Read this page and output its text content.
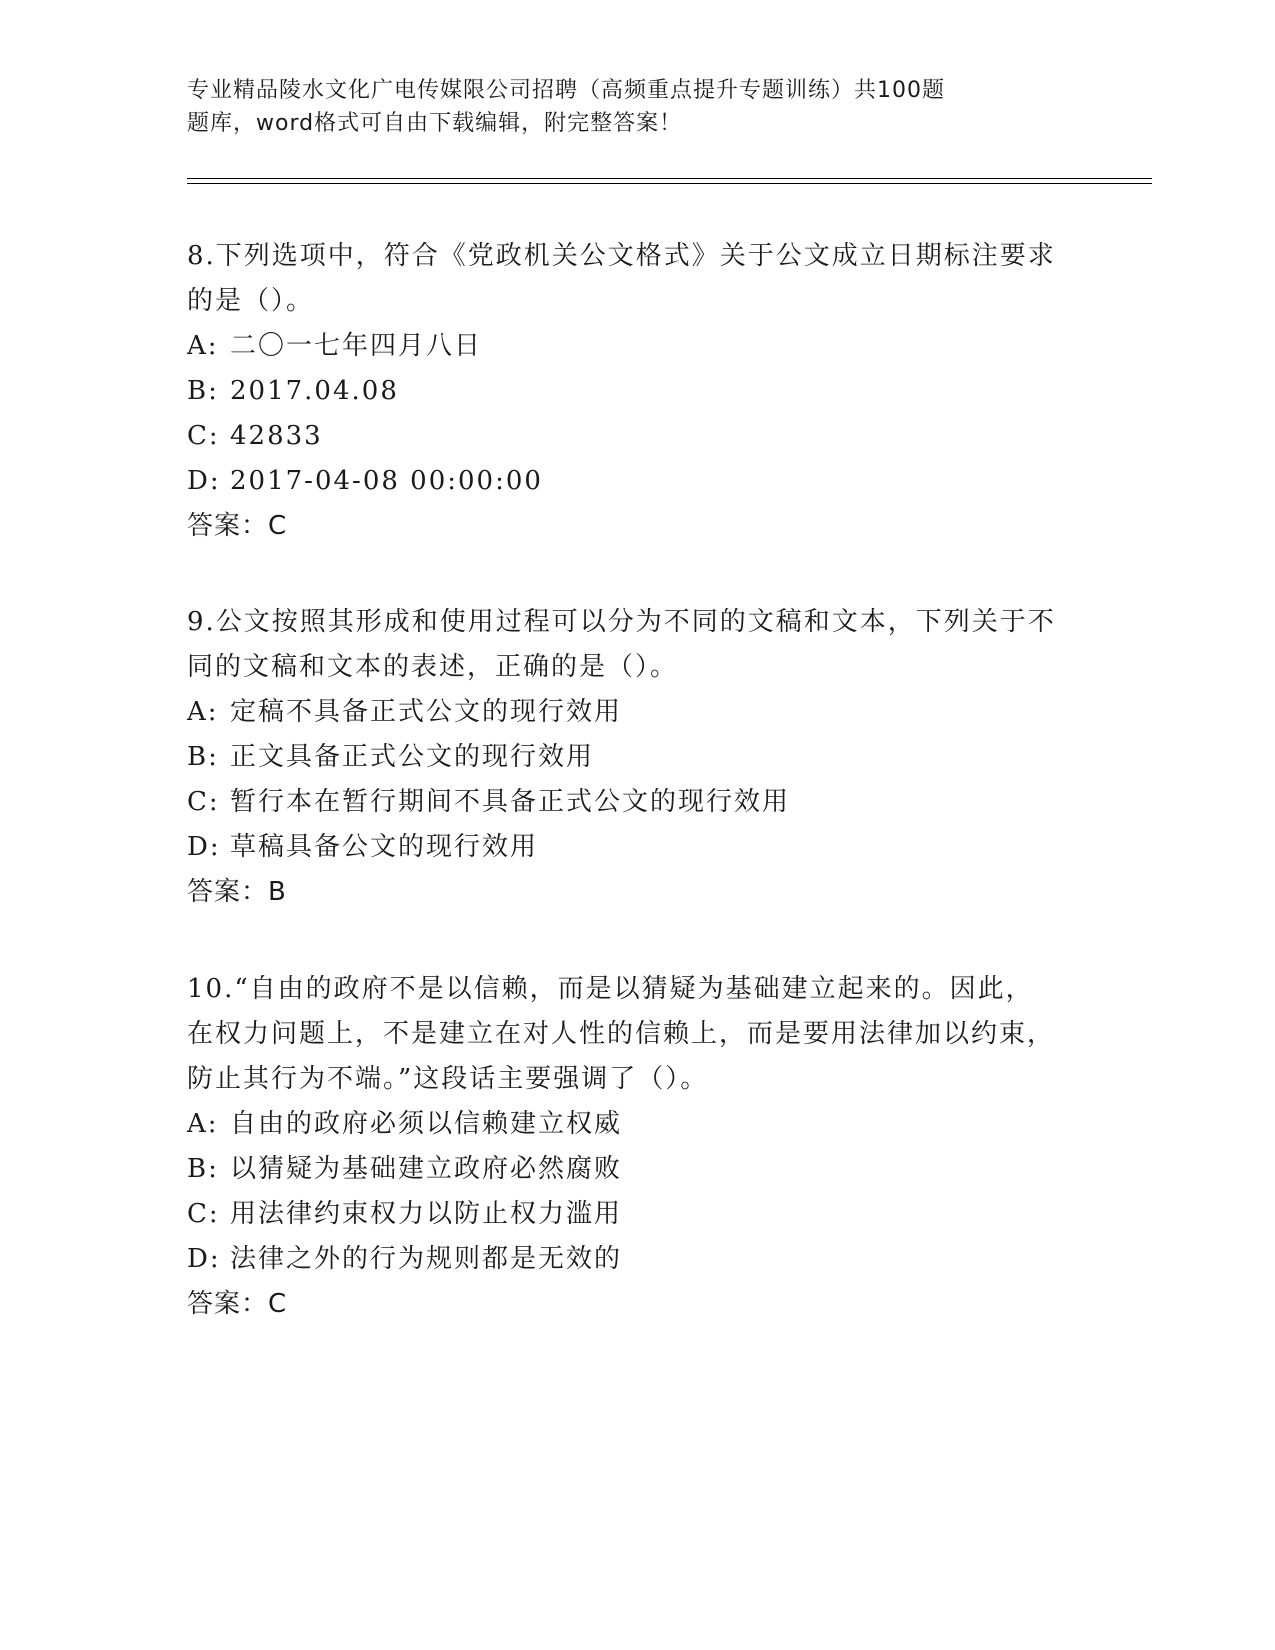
专业精品陵水文化广电传媒限公司招聘（高频重点提升专题训练）共100题
题库，word格式可自由下载编辑，附完整答案！
8.下列选项中，符合《党政机关公文格式》关于公文成立日期标注要求的是（）。
A: 二〇一七年四月八日
B: 2017.04.08
C: 42833
D: 2017-04-08 00:00:00
答案：C
9.公文按照其形成和使用过程可以分为不同的文稿和文本，下列关于不同的文稿和文本的表述，正确的是（）。
A: 定稿不具备正式公文的现行效用
B: 正文具备正式公文的现行效用
C: 暂行本在暂行期间不具备正式公文的现行效用
D: 草稿具备公文的现行效用
答案：B
10.“自由的政府不是以信赖，而是以猜疑为基础建立起来的。因此，在权力问题上，不是建立在对人性的信赖上，而是要用法律加以约束，防止其行为不端。”这段话主要强调了（）。
A: 自由的政府必须以信赖建立权威
B: 以猜疑为基础建立政府必然腐败
C: 用法律约束权力以防止权力滥用
D: 法律之外的行为规则都是无效的
答案：C
